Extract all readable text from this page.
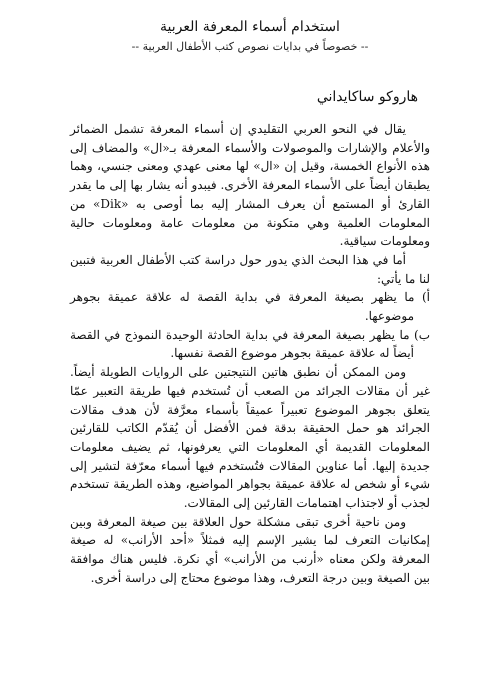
استخدام أسماء المعرفة العربية
-- خصوصاً في بدايات نصوص كتب الأطفال العربية --
هاروكو ساكايداني

يقال في النحو العربي التقليدي إن أسماء المعرفة تشمل الضمائر والأعلام والإشارات والموصولات والأسماء المعرفة بـ«ال» والمضاف إلى هذه الأنواع الخمسة، وقيل إن «ال» لها معنى عهدي ومعنى جنسي، وهما يطبقان أيضاً على الأسماء المعرفة الأخرى. فيبدو أنه يشار بها إلى ما يقدر القارئ أو المستمع أن يعرف المشار إليه بما أوصى به «Dik» من المعلومات العلمية وهي متكونة من معلومات عامة ومعلومات حالية ومعلومات سياقية.

أما في هذا البحث الذي يدور حول دراسة كتب الأطفال العربية فتبين لنا ما يأتي:

أ) ما يظهر بصيغة المعرفة في بداية القصة له علاقة عميقة بجوهر موضوعها.

ب) ما يظهر بصيغة المعرفة في بداية الحادثة الوحيدة النموذج في القصة أيضاً له علاقة عميقة بجوهر موضوع القصة نفسها.

ومن الممكن أن نطبق هاتين النتيجتين على الروايات الطويلة أيضاً. غير أن مقالات الجرائد من الصعب أن تُستخدم فيها طريقة التعبير عمّا يتعلق بجوهر الموضوع تعبيراً عميقاً بأسماء معرَّفة لأن هدف مقالات الجرائد هو حمل الحقيقة بدقة فمن الأفضل أن يُقدّم الكاتب للقارئين المعلومات القديمة أي المعلومات التي يعرفونها، ثم يضيف معلومات جديدة إليها. أما عناوين المقالات فتُستخدم فيها أسماء معرّفة لتشير إلى شيء أو شخص له علاقة عميقة بجواهر المواضيع، وهذه الطريقة تستخدم لجذب أو لاجتذاب اهتمامات القارئين إلى المقالات.

ومن ناحية أخرى تبقى مشكلة حول العلاقة بين صيغة المعرفة وبين إمكانيات التعرف لما يشير الإسم إليه فمثلاً «أحد الأرانب» له صيغة المعرفة ولكن معناه «أرنب من الأرانب» أي نكرة. فليس هناك موافقة بين الصيغة وبين درجة التعرف، وهذا موضوع محتاج إلى دراسة أخرى.
